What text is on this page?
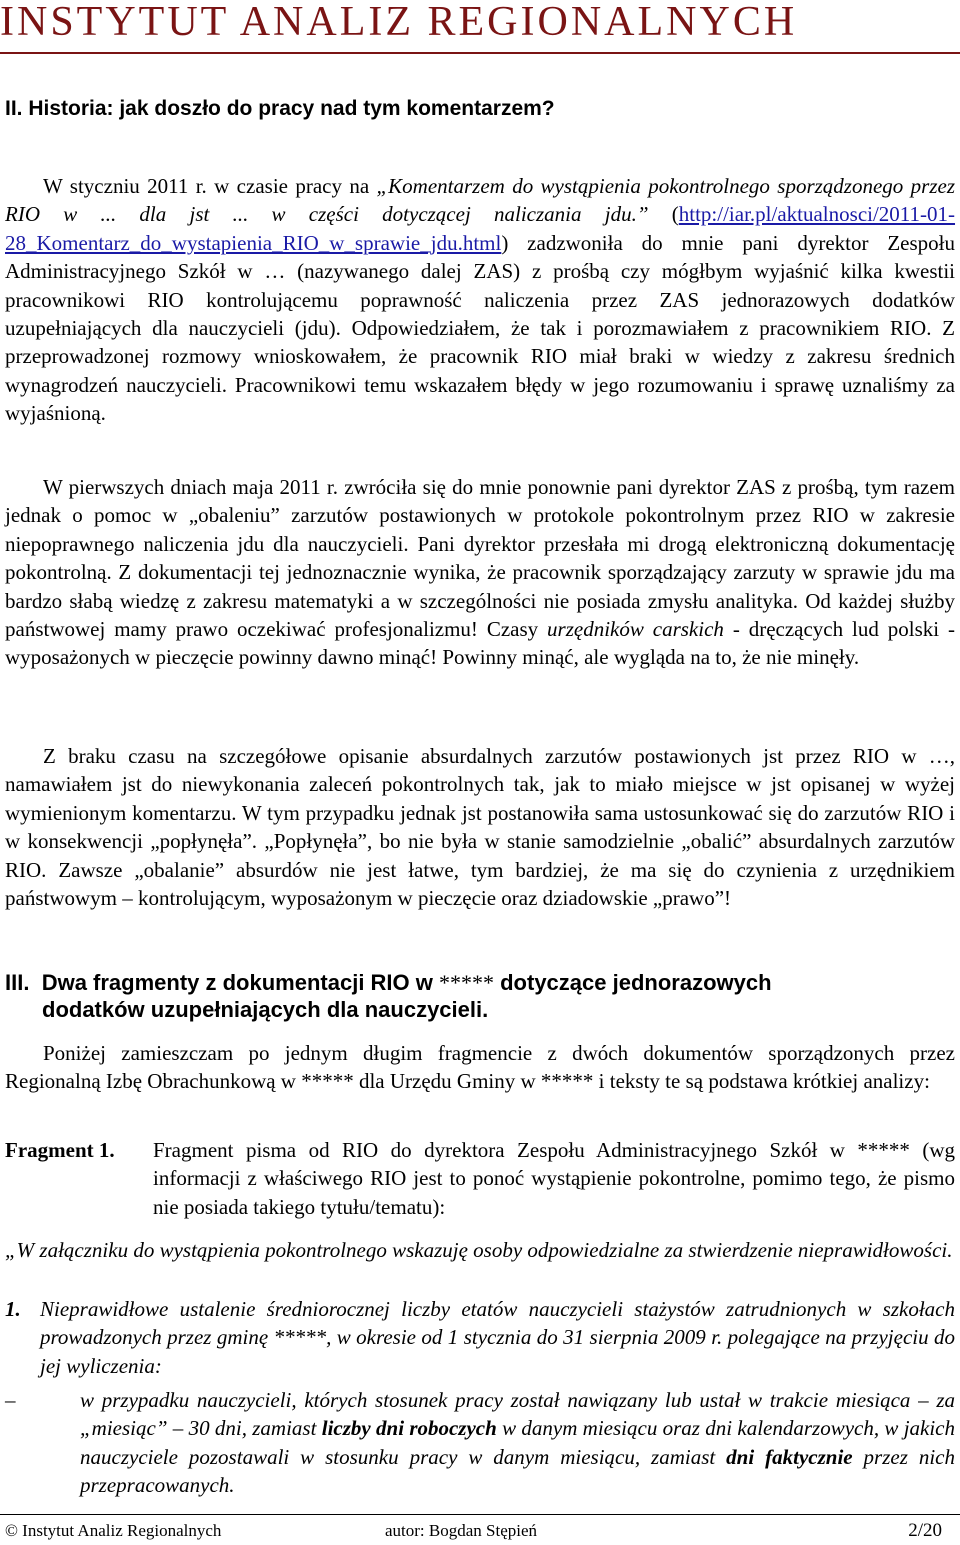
INSTYTUT ANALIZ REGIONALNYCH
II. Historia: jak doszło do pracy nad tym komentarzem?
W styczniu 2011 r. w czasie pracy na „Komentarzem do wystąpienia pokontrolnego sporządzonego przez RIO w ... dla jst ... w części dotyczącej naliczania jdu.” (http://iar.pl/aktualnosci/2011-01-28_Komentarz_do_wystapienia_RIO_w_sprawie_jdu.html) zadzwoniła do mnie pani dyrektor Zespołu Administracyjnego Szkół w … (nazywanego dalej ZAS) z prośbą czy mógłbym wyjaśnić kilka kwestii pracownikowi RIO kontrolującemu poprawność naliczenia przez ZAS jednorazowych dodatków uzupełniających dla nauczycieli (jdu). Odpowiedziałem, że tak i porozmawiałem z pracownikiem RIO. Z przeprowadzonej rozmowy wnioskowałem, że pracownik RIO miał braki w wiedzy z zakresu średnich wynagrodzeń nauczycieli. Pracownikowi temu wskazałem błędy w jego rozumowaniu i sprawę uznaliśmy za wyjaśnioną.
W pierwszych dniach maja 2011 r. zwróciła się do mnie ponownie pani dyrektor ZAS z prośbą, tym razem jednak o pomoc w „obaleniu” zarzutów postawionych w protokole pokontrolnym przez RIO w zakresie niepoprawnego naliczenia jdu dla nauczycieli. Pani dyrektor przesłała mi drogą elektroniczną dokumentację pokontrolną. Z dokumentacji tej jednoznacznie wynika, że pracownik sporządzający zarzuty w sprawie jdu ma bardzo słabą wiedzę z zakresu matematyki a w szczególności nie posiada zmysłu analityka. Od każdej służby państwowej mamy prawo oczekiwać profesjonalizmu! Czasy urzędników carskich - dręczących lud polski - wyposażonych w pieczęcie powinny dawno minąć! Powinny minąć, ale wygląda na to, że nie minęły.
Z braku czasu na szczegółowe opisanie absurdalnych zarzutów postawionych jst przez RIO w …, namawiałem jst do niewykonania zaleceń pokontrolnych tak, jak to miało miejsce w jst opisanej w wyżej wymienionym komentarzu. W tym przypadku jednak jst postanowiła sama ustosunkować się do zarzutów RIO i w konsekwencji „popłynęła”. „Popłynęła”, bo nie była w stanie samodzielnie „obalić” absurdalnych zarzutów RIO. Zawsze „obalanie” absurdów nie jest łatwe, tym bardziej, że ma się do czynienia z urzędnikiem państwowym – kontrolującym, wyposażonym w pieczęcie oraz dziadowskie „prawo”!
III. Dwa fragmenty z dokumentacji RIO w ***** dotyczące jednorazowych
dodatków uzupełniających dla nauczycieli.
Poniżej zamieszczam po jednym długim fragmencie z dwóch dokumentów sporządzonych przez Regionalną Izbę Obrachunkową w ***** dla Urzędu Gminy w ***** i teksty te są podstawa krótkiej analizy:
Fragment 1. Fragment pisma od RIO do dyrektora Zespołu Administracyjnego Szkół w ***** (wg informacji z właściwego RIO jest to ponoć wystąpienie pokontrolne, pomimo tego, że pismo nie posiada takiego tytułu/tematu):
„W załączniku do wystąpienia pokontrolnego wskazuję osoby odpowiedzialne za stwierdzenie nieprawidłowości.
1. Nieprawidłowe ustalenie średniorocznej liczby etatów nauczycieli stażystów zatrudnionych w szkołach prowadzonych przez gminę *****, w okresie od 1 stycznia do 31 sierpnia 2009 r. polegające na przyjęciu do jej wyliczenia:
–	w przypadku nauczycieli, których stosunek pracy został nawiązany lub ustał w trakcie miesiąca – za „miesiąc” – 30 dni, zamiast liczby dni roboczych w danym miesiącu oraz dni kalendarzowych, w jakich nauczyciele pozostawali w stosunku pracy w danym miesiącu, zamiast dni faktycznie przez nich przepracowanych.
© Instytut Analiz Regionalnych	autor: Bogdan Stępień	2/20
